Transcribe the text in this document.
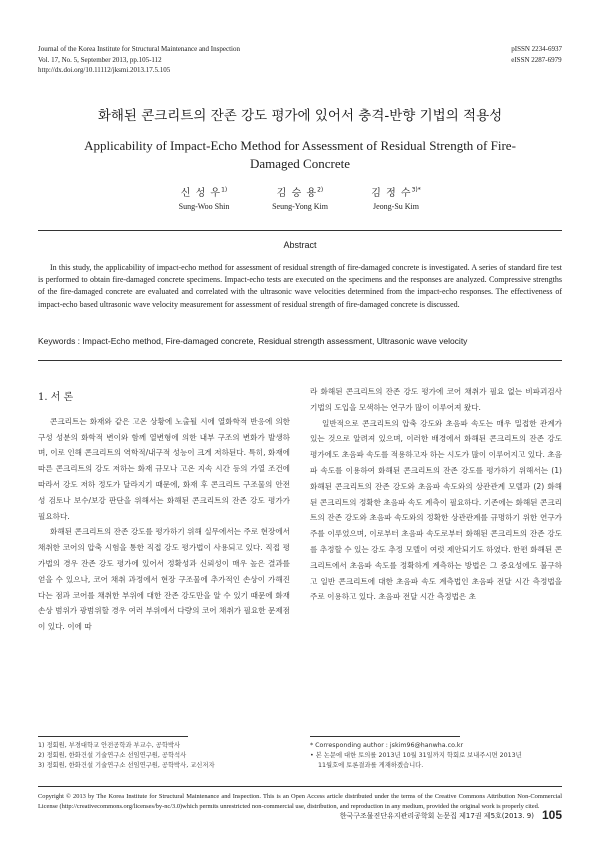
Journal of the Korea Institute for Structural Maintenance and Inspection
Vol. 17, No. 5, September 2013, pp.105-112
http://dx.doi.org/10.11112/jksmi.2013.17.5.105
pISSN 2234-6937
eISSN 2287-6979
화해된 콘크리트의 잔존 강도 평가에 있어서 충격-반향 기법의 적용성
Applicability of Impact-Echo Method for Assessment of Residual Strength of Fire-Damaged Concrete
신 성 우$^{1)}$
Sung-Woo Shin
김 승 용$^{2)}$
Seung-Yong Kim
김 정 수$^{3)*}$
Jeong-Su Kim
Abstract
In this study, the applicability of impact-echo method for assessment of residual strength of fire-damaged concrete is investigated. A series of standard fire test is performed to obtain fire-damaged concrete specimens. Impact-echo tests are executed on the specimens and the responses are analyzed. Compressive strengths of the fire-damaged concrete are evaluated and correlated with the ultrasonic wave velocities determined from the impact-echo responses. The effectiveness of impact-echo based ultrasonic wave velocity measurement for assessment of residual strength of fire-damaged concrete is discussed.
Keywords : Impact-Echo method, Fire-damaged concrete, Residual strength assessment, Ultrasonic wave velocity

1. 서 론

콘크리트는 화재와 같은 고온 상황에 노출될 시에 열화학적 반응에 의한 구성 성분의 화학적 변이와 함께 열변형에 의한 내부 구조의 변화가 발생하며, 이로 인해 콘크리트의 역학적/내구적 성능이 크게 저하된다. 특히, 화재에 따른 콘크리트의 강도 저하는 화재 규모나 고온 지속 시간 등의 가열 조건에 따라서 강도 저하 정도가 달라지기 때문에, 화재 후 콘크리트 구조물의 안전성 검토나 보수/보강 판단을 위해서는 화해된 콘크리트의 잔존 강도 평가가 필요하다.

화해된 콘크리트의 잔존 강도를 평가하기 위해 실무에서는 주로 현장에서 채취한 코어의 압축 시험을 통한 직접 강도 평가법이 사용되고 있다. 직접 평가법의 경우 잔존 강도 평가에 있어서 정확성과 신뢰성이 매우 높은 결과를 얻을 수 있으나, 코어 채취 과정에서 현장 구조물에 추가적인 손상이 가해진다는 점과 코어를 채취한 부위에 대한 잔존 강도만을 알 수 있기 때문에 화재 손상 범위가 광범위할 경우 여러 부위에서 다량의 코어 채취가 필요한 문제점이 있다. 이에 따

라 화해된 콘크리트의 잔존 강도 평가에 코어 채취가 필요 없는 비파괴검사 기법의 도입을 모색하는 연구가 많이 이루어져 왔다.

일반적으로 콘크리트의 압축 강도와 초음파 속도는 매우 밀접한 관계가 있는 것으로 알려져 있으며, 이러한 배경에서 화해된 콘크리트의 잔존 강도 평가에도 초음파 속도를 적용하고자 하는 시도가 많이 이루어지고 있다. 초음파 속도를 이용하여 화해된 콘크리트의 잔존 강도를 평가하기 위해서는 (1) 화해된 콘크리트의 잔존 강도와 초음파 속도와의 상관관계 모델과 (2) 화해된 콘크리트의 정확한 초음파 속도 계측이 필요하다. 기존에는 화해된 콘크리트의 잔존 강도와 초음파 속도와의 정확한 상관관계를 규명하기 위한 연구가 주를 이루었으며, 이로부터 초음파 속도로부터 화해된 콘크리트의 잔존 강도를 추정할 수 있는 강도 추정 모델이 여럿 제안되기도 하였다. 한편 화해된 콘크리트에서 초음파 속도를 정확하게 계측하는 방법은 그 중요성에도 불구하고 일반 콘크리트에 대한 초음파 속도 계측법인 초음파 전달 시간 측정법을 주로 이용하고 있다. 초음파 전달 시간 측정법은 초

1) 정회원, 부경대학교 안전공학과 부교수, 공학박사
2) 정회원, 한화건설 기술연구소 선임연구원, 공학석사
3) 정회원, 한화건설 기술연구소 선임연구원, 공학박사, 교신저자
* Corresponding author : jskim96@hanwha.co.kr
• 본 논문에 대한 토의를 2013년 10월 31일까지 학회로 보내주시면 2013년
11월호에 토론결과를 게재하겠습니다.
Copyright © 2013 by The Korea Institute for Structural Maintenance and Inspection. This is an Open Access article distributed under the terms of the Creative Commons Attribution Non-Commercial License (http://creativecommons.org/licenses/by-nc/3.0)which permits unrestricted non-commercial use, distribution, and reproduction in any medium, provided the original work is properly cited.
한국구조물진단유지관리공학회 논문집 제17권 제5호(2013. 9) 105
